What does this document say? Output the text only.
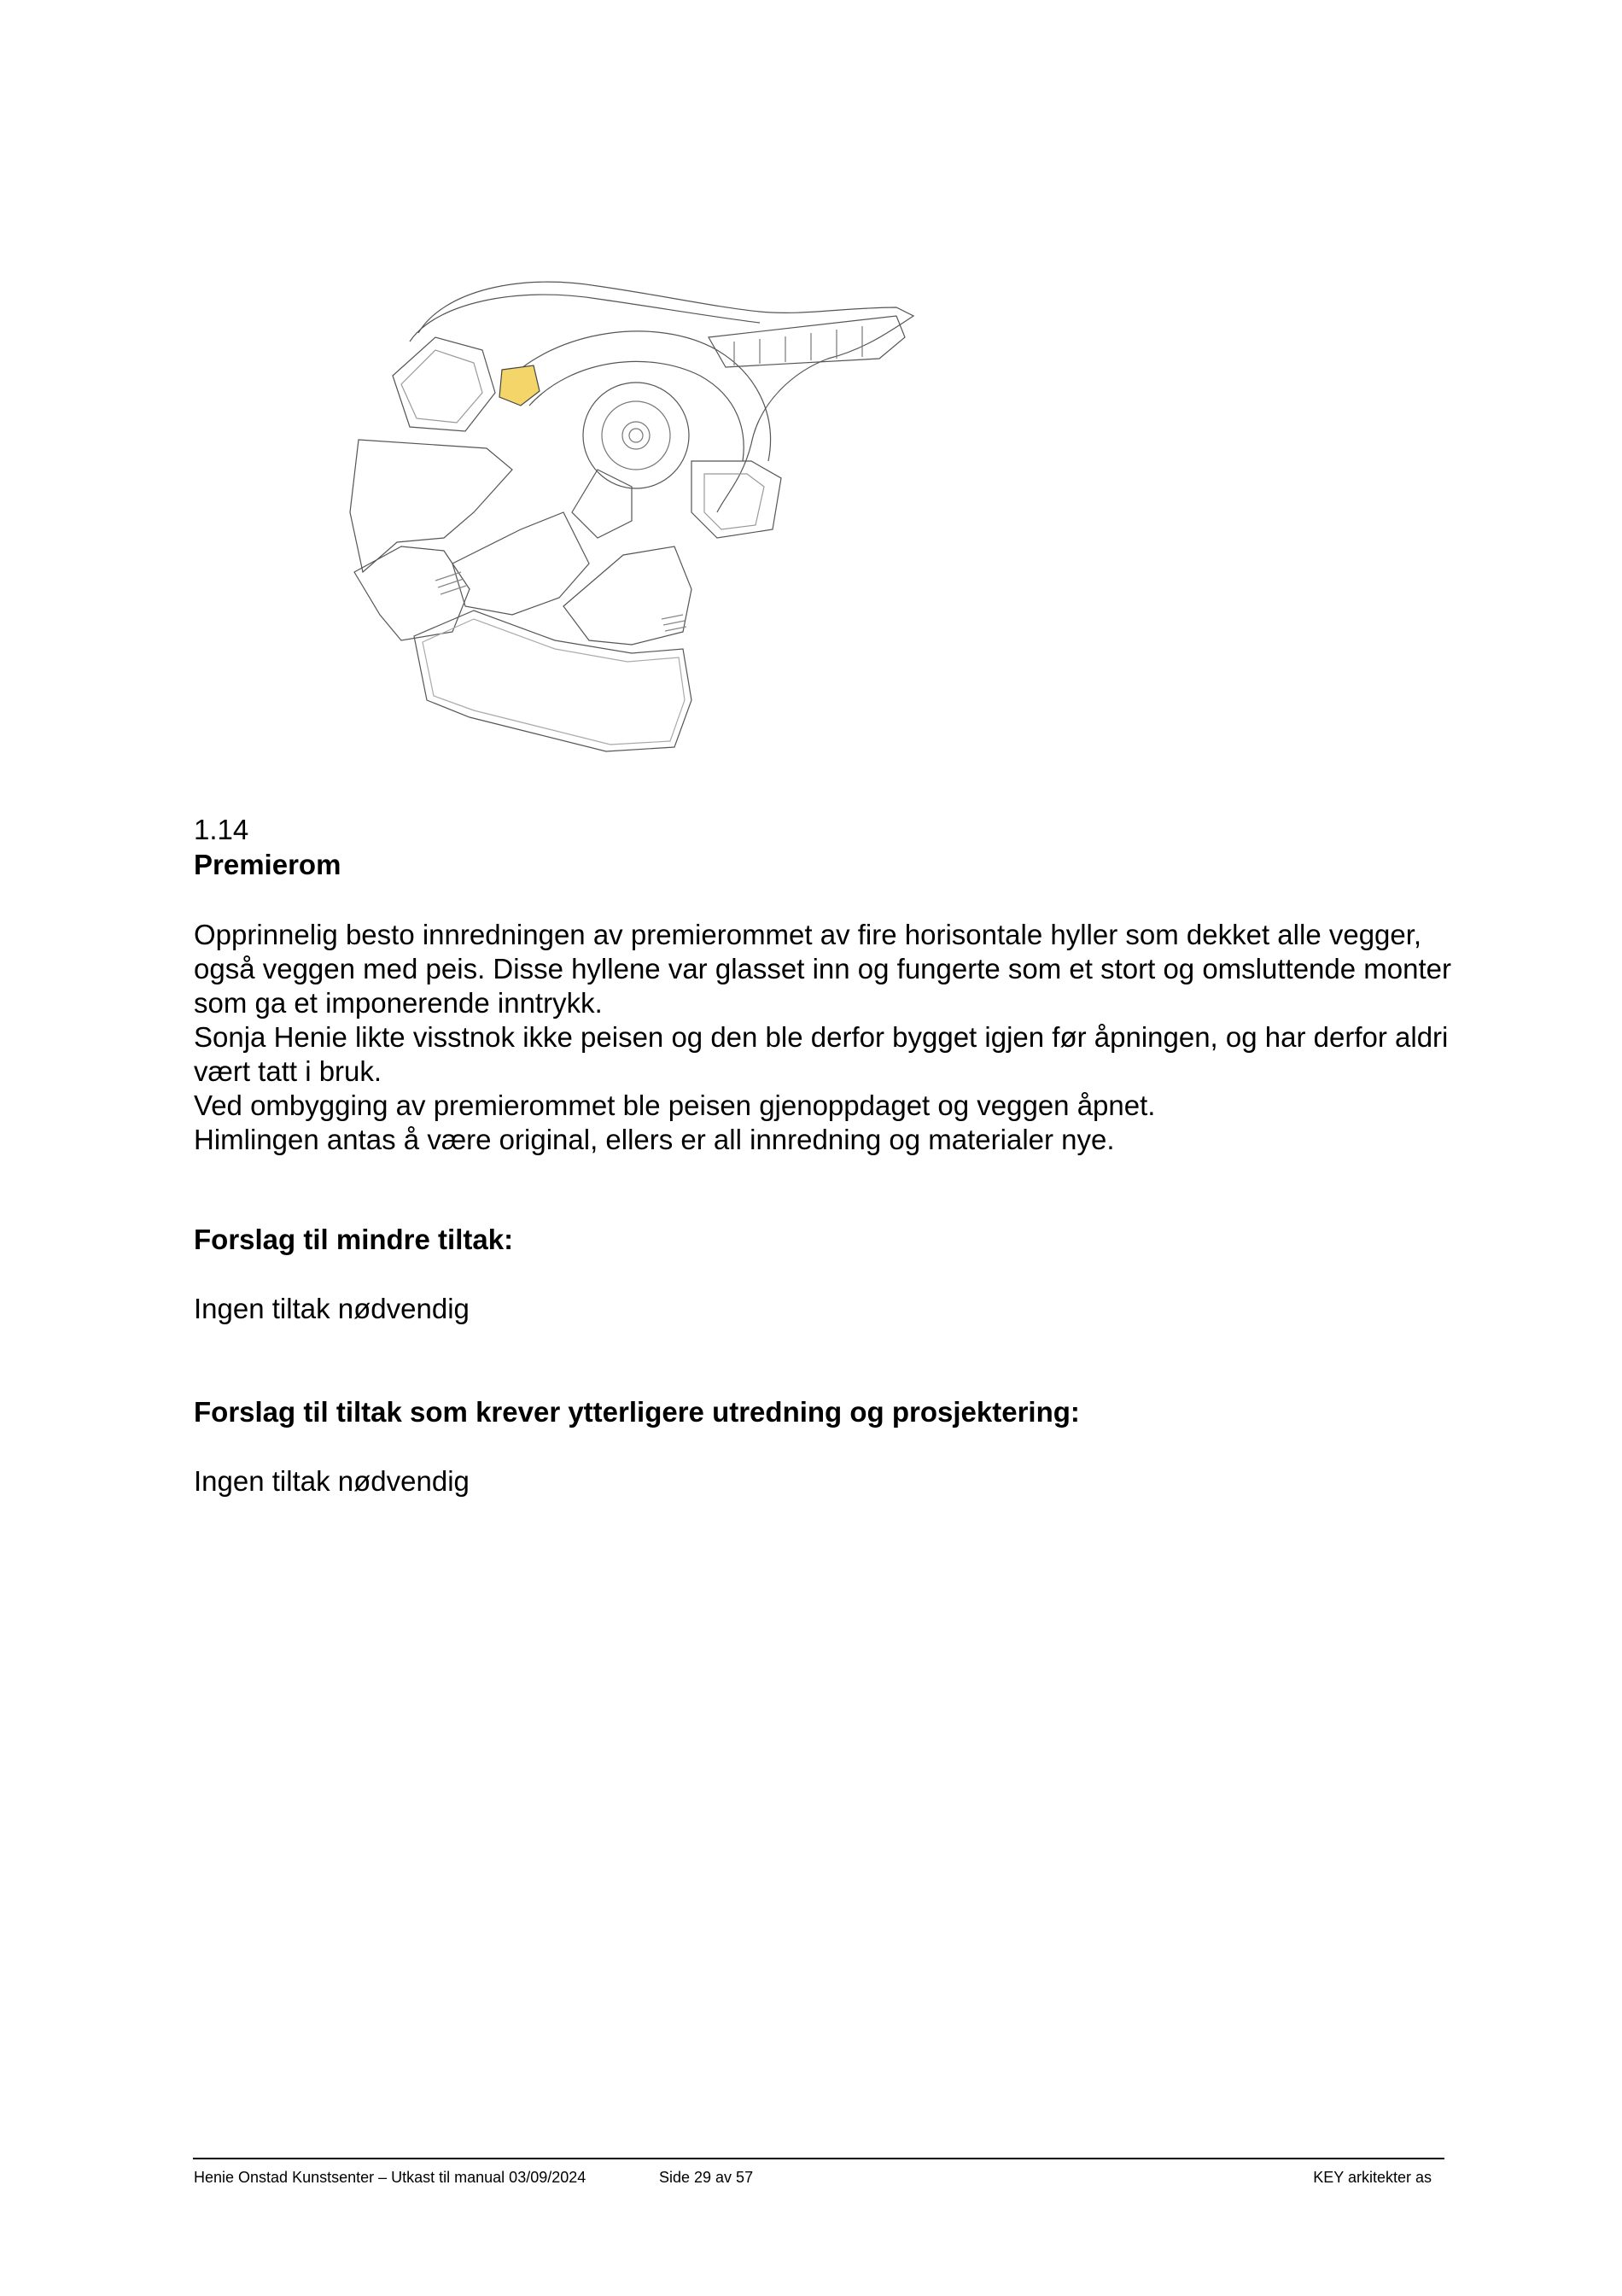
1.14
Premierom

Opprinnelig besto innredningen av premierommet av fire horisontale hyller som dekket alle vegger, også veggen med peis. Disse hyllene var glasset inn og fungerte som et stort og omsluttende monter som ga et imponerende inntrykk.

Sonja Henie likte visstnok ikke peisen og den ble derfor bygget igjen før åpningen, og har derfor aldri vært tatt i bruk.

Ved ombygging av premierommet ble peisen gjenoppdaget og veggen åpnet.

Himlingen antas å være original, ellers er all innredning og materialer nye.

Forslag til mindre tiltak:

Ingen tiltak nødvendig

Forslag til tiltak som krever ytterligere utredning og prosjektering:

Ingen tiltak nødvendig

Henie Onstad Kunstsenter – Utkast til manual 03/09/2024	Side 29 av 57	KEY arkitekter as
